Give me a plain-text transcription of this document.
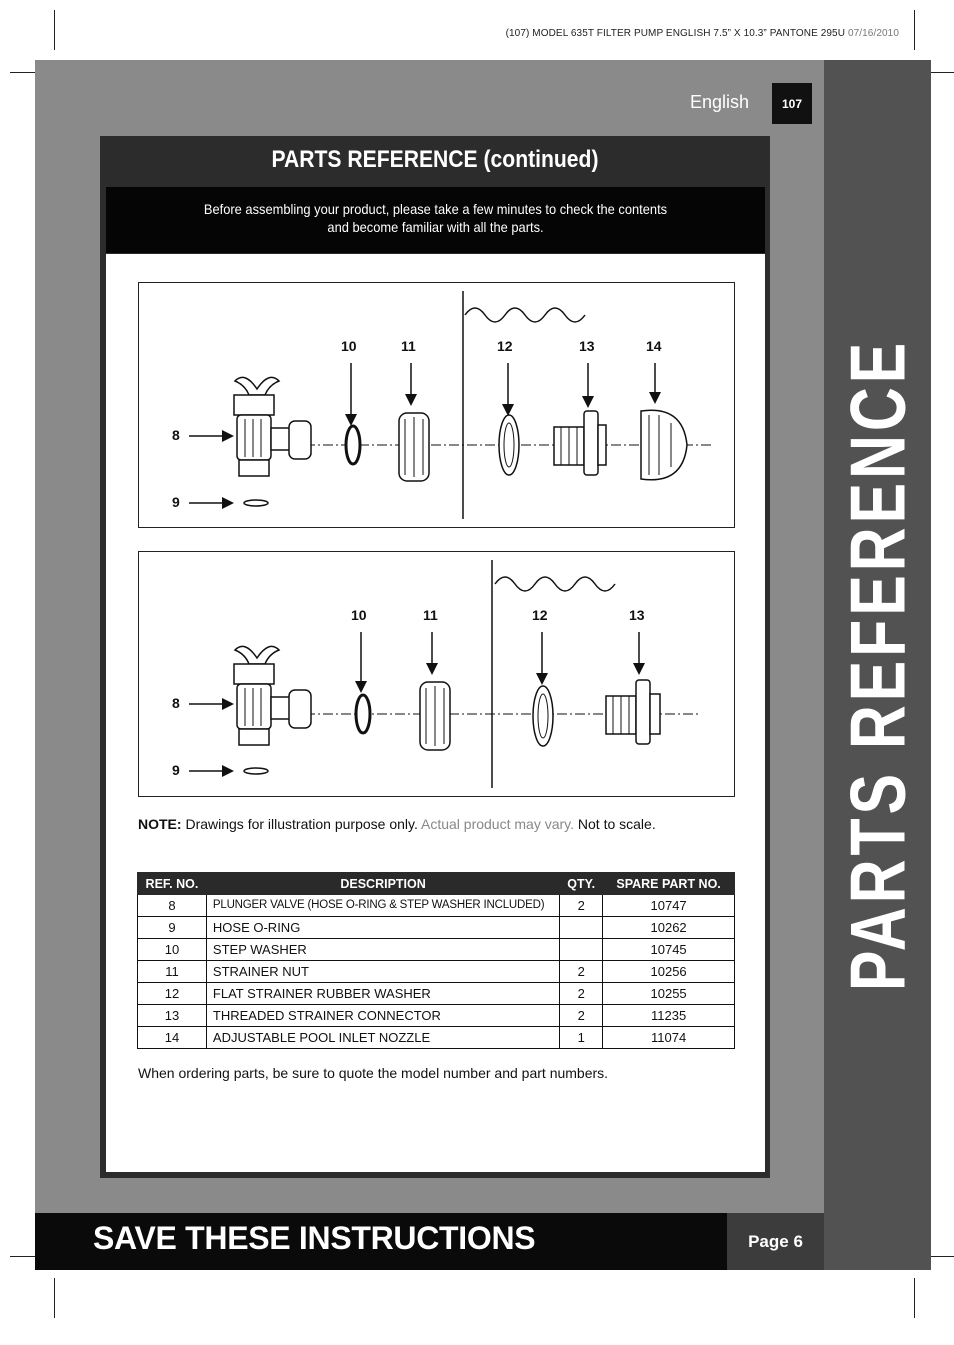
(107) MODEL 635T FILTER PUMP ENGLISH 7.5” X 10.3” PANTONE 295U 07/16/2010
PARTS REFERENCE
English	107
PARTS REFERENCE (continued)
Before assembling your product, please take a few minutes to check the contents
and become familiar with all the parts.
8
9
10	11	12	13	14
8
9
10	11	12	13
NOTE: Drawings for illustration purpose only. Actual product may vary. Not to scale.
REF. NO.	DESCRIPTION	QTY.	SPARE PART NO.
8	PLUNGER VALVE (HOSE O-RING & STEP WASHER INCLUDED)	2	10747
9	HOSE O-RING		10262
10	STEP WASHER		10745
11	STRAINER NUT	2	10256
12	FLAT STRAINER RUBBER WASHER	2	10255
13	THREADED STRAINER CONNECTOR	2	11235
14	ADJUSTABLE POOL INLET NOZZLE	1	11074
When ordering parts, be sure to quote the model number and part numbers.
SAVE THESE INSTRUCTIONS	Page 6
